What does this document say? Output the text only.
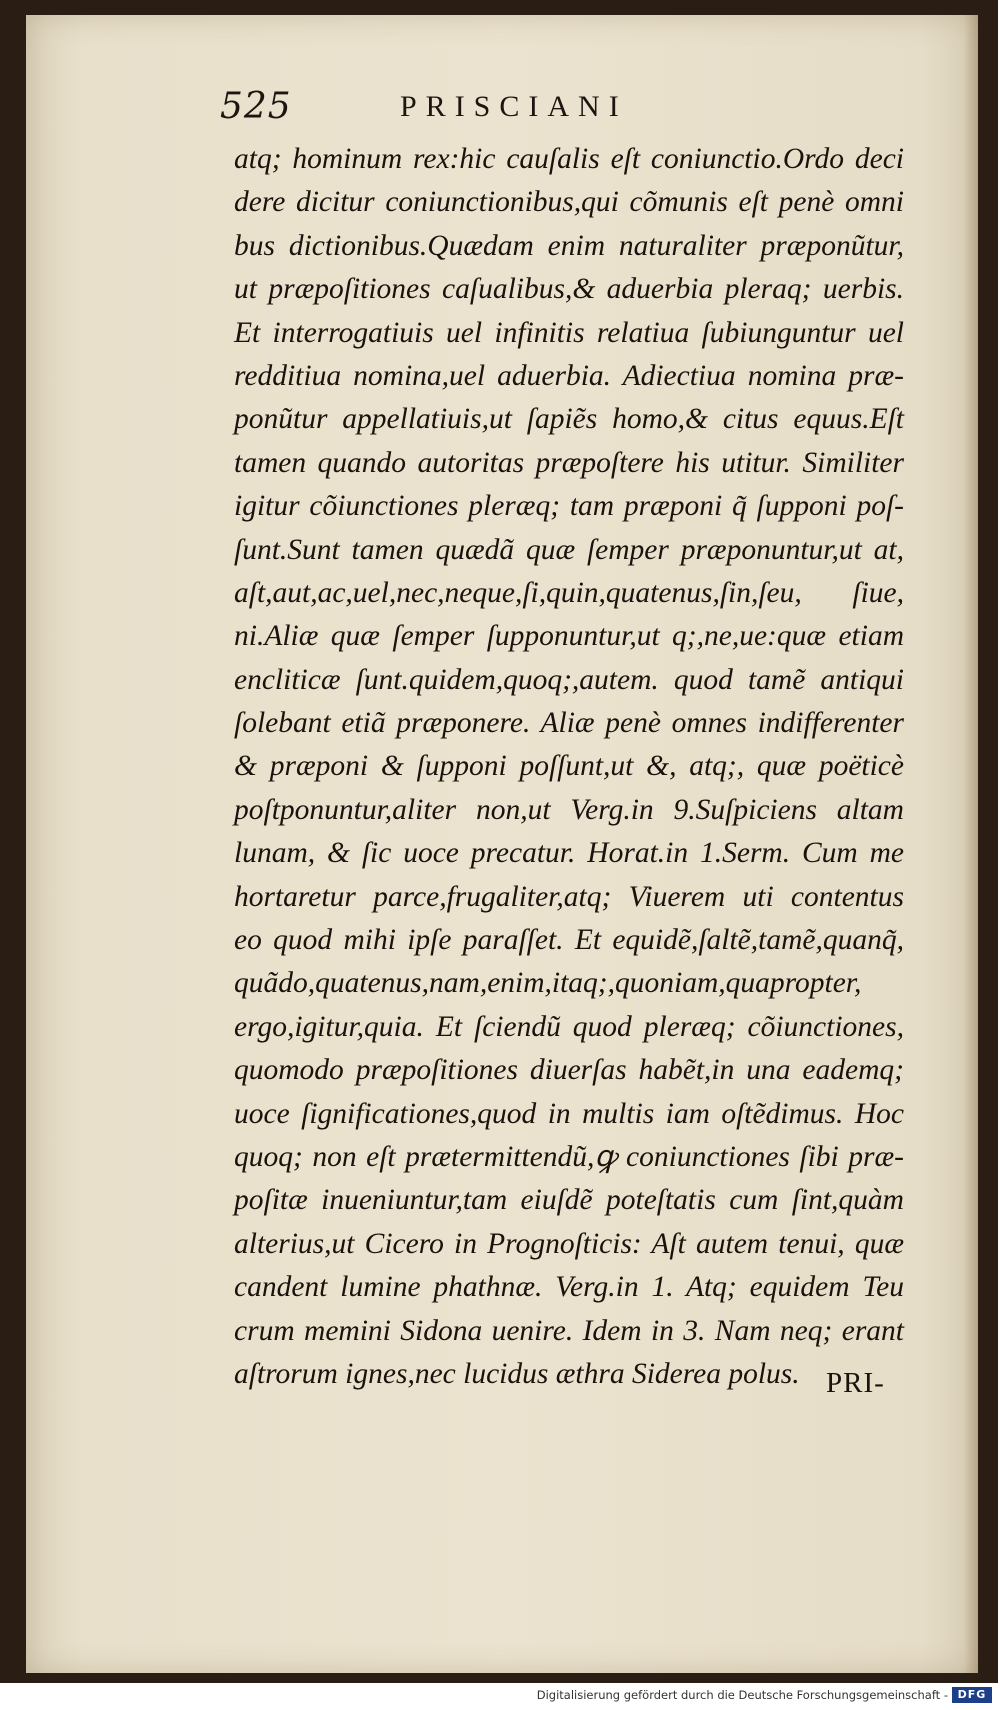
525	PRISCIANI
atq; hominum rex:hic cauſalis eſt coniunctio.Ordo deci
dere dicitur coniunctionibus,qui cõmunis eſt penè omni
bus dictionibus.Quædam enim naturaliter præponũtur,
ut præpoſitiones caſualibus,& aduerbia pleraq; uerbis.
Et interrogatiuis uel infinitis relatiua ſubiunguntur uel
redditiua nomina,uel aduerbia. Adiectiua nomina præ-
ponũtur appellatiuis,ut ſapiẽs homo,& citus equus.Eſt
tamen quando autoritas præpoſtere his utitur. Similiter
igitur cõiunctiones pleræq; tam præponi q̃ ſupponi poſ-
ſunt.Sunt tamen quædã quæ ſemper præponuntur,ut at,
aſt,aut,ac,uel,nec,neque,ſi,quin,quatenus,ſin,ſeu, ſiue,
ni.Aliæ quæ ſemper ſupponuntur,ut q;,ne,ue:quæ etiam
encliticæ ſunt.quidem,quoq;,autem. quod tamẽ antiqui
ſolebant etiã præponere. Aliæ penè omnes indifferenter
& præponi & ſupponi poſſunt,ut &, atq;, quæ poëticè
poſtponuntur,aliter non,ut Verg.in 9.Suſpiciens altam
lunam, & ſic uoce precatur. Horat.in 1.Serm. Cum me
hortaretur parce,frugaliter,atq; Viuerem uti contentus
eo quod mihi ipſe paraſſet. Et equidẽ,ſaltẽ,tamẽ,quanq̃,
quãdo,quatenus,nam,enim,itaq;,quoniam,quapropter,
ergo,igitur,quia. Et ſciendũ quod pleræq; cõiunctiones,
quomodo præpoſitiones diuerſas habẽt,in una eademq;
uoce ſignificationes,quod in multis iam oſtẽdimus. Hoc
quoq; non eſt prætermittendũ,ꝙ coniunctiones ſibi præ-
poſitæ inueniuntur,tam eiuſdẽ poteſtatis cum ſint,quàm
alterius,ut Cicero in Prognoſticis: Aſt autem tenui, quæ
candent lumine phathnæ. Verg.in 1. Atq; equidem Teu
crum memini Sidona uenire. Idem in 3. Nam neq; erant
aſtrorum ignes,nec lucidus æthra Siderea polus. PRI-
Digitalisierung gefördert durch die Deutsche Forschungsgemeinschaft - DFG
